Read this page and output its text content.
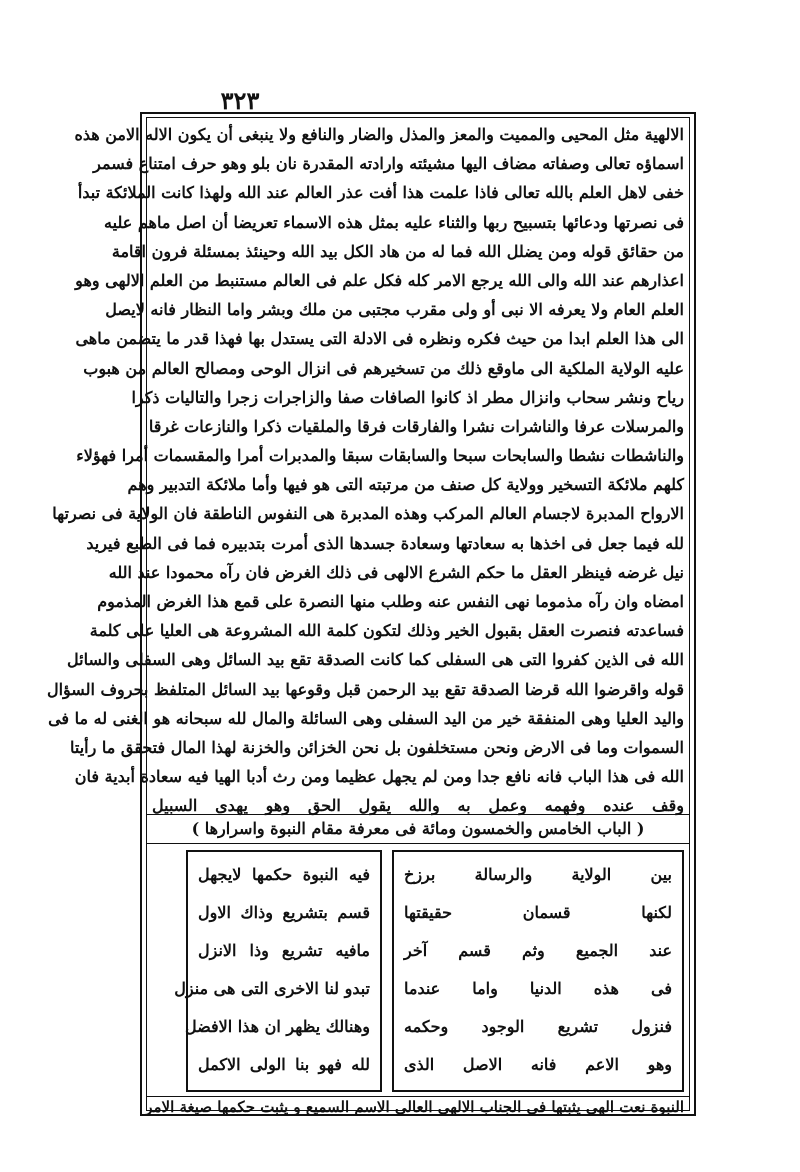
٣٢٣
الالهية مثل المحيى والمميت والمعز والمذل والضار والنافع ولا ينبغى أن يكون الاله الامن هذه
اسماؤه تعالى وصفاته مضاف اليها مشيئته وارادته المقدرة نان بلو وهو حرف امتناع فسمر
خفى لاهل العلم بالله تعالى فاذا علمت هذا أفت عذر العالم عند الله ولهذا كانت الملائكة تبدأ
فى نصرتها ودعائها بتسبيح ربها والثناء عليه بمثل هذه الاسماء تعريضا أن اصل ماهم عليه
من حقائق قوله ومن يضلل الله فما له من هاد الكل بيد الله وحينئذ بمسئلة فرون اقامة
اعذارهم عند الله والى الله يرجع الامر كله فكل علم فى العالم مستنبط من العلم الالهى وهو
العلم العام ولا يعرفه الا نبى أو ولى مقرب مجتبى من ملك وبشر واما النظار فانه لايصل
الى هذا العلم ابدا من حيث فكره ونظره فى الادلة التى يستدل بها فهذا قدر ما يتضمن ماهى
عليه الولاية الملكية الى ماوقع ذلك من تسخيرهم فى انزال الوحى ومصالح العالم من هبوب
رياح ونشر سحاب وانزال مطر اذ كانوا الصافات صفا والزاجرات زجرا والتاليات ذكرا
والمرسلات عرفا والناشرات نشرا والفارقات فرقا والملقيات ذكرا والنازعات غرقا
والناشطات نشطا والسابحات سبحا والسابقات سبقا والمدبرات أمرا والمقسمات أمرا فهؤلاء
كلهم ملائكة التسخير وولاية كل صنف من مرتبته التى هو فيها وأما ملائكة التدبير وهم
الارواح المدبرة لاجسام العالم المركب وهذه المدبرة هى النفوس الناطقة فان الولاية فى نصرتها
لله فيما جعل فى اخذها به سعادتها وسعادة جسدها الذى أمرت بتدبيره فما فى الطبع فيريد
نيل غرضه فينظر العقل ما حكم الشرع الالهى فى ذلك الغرض فان رآه محمودا عند الله
امضاه وان رآه مذموما نهى النفس عنه وطلب منها النصرة على قمع هذا الغرض المذموم
فساعدته فنصرت العقل بقبول الخير وذلك لتكون كلمة الله المشروعة هى العليا على كلمة
الله فى الذين كفروا التى هى السفلى كما كانت الصدقة تقع بيد السائل وهى السفلى والسائل
قوله واقرضوا الله قرضا الصدقة تقع بيد الرحمن قبل وقوعها بيد السائل المتلفظ بحروف السؤال
واليد العليا وهى المنفقة خير من اليد السفلى وهى السائلة والمال لله سبحانه هو الغنى له ما فى
السموات وما فى الارض ونحن مستخلفون بل نحن الخزائن والخزنة لهذا المال فتحقق ما رأيتا
الله فى هذا الباب فانه نافع جدا ومن لم يجهل عظيما ومن رث أدبا الهيا فيه سعادة أبدية فان
وقف عنده وفهمه وعمل به والله يقول الحق وهو يهدى السبيل
( الباب الخامس والخمسون ومائة فى معرفة مقام النبوة واسرارها )
بين الولاية والرسالة برزخ
لكنها قسمان حقيقتها
عند الجميع وثم قسم آخر
فى هذه الدنيا واما عندما
فنزول تشريع الوجود وحكمه
وهو الاعم فانه الاصل الذى
فيه النبوة حكمها لايجهل
قسم بتشريع وذاك الاول
مافيه تشريع وذا الانزل
تبدو لنا الاخرى التى هى منزل
وهنالك يظهر ان هذا الافضل
لله فهو بنا الولى الاكمل
النبوة نعت الهى يثبتها فى الجناب الالهى العالى الاسم السميع و يثبت حكمها صيغة الامر
